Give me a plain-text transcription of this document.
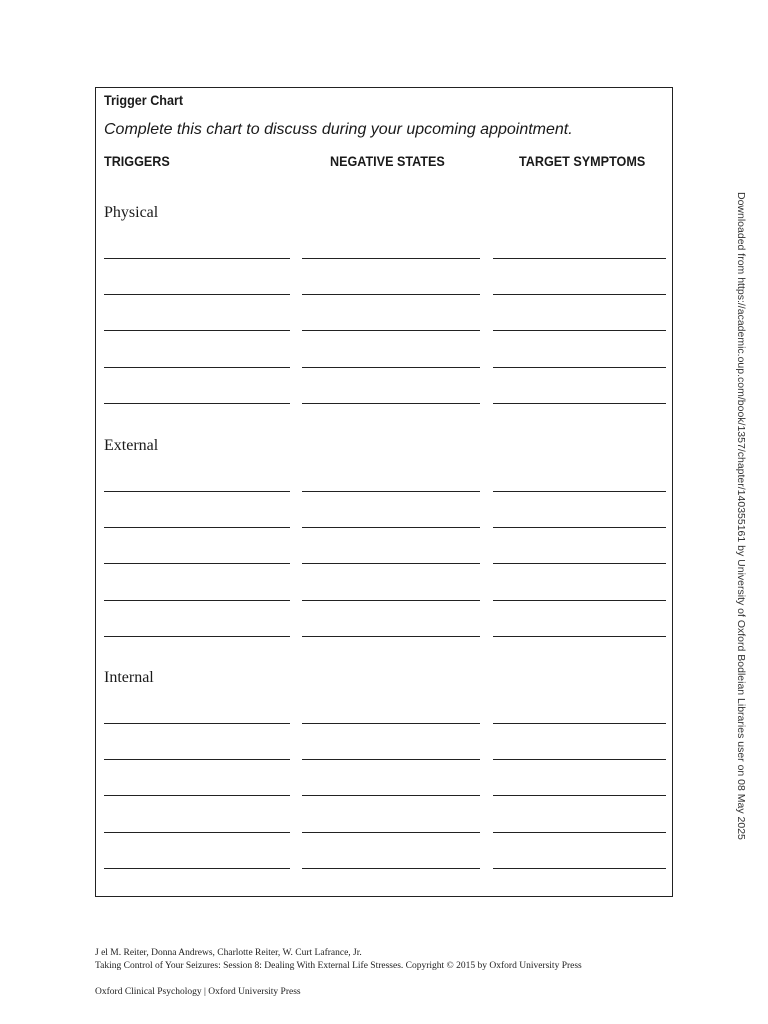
Trigger Chart
Complete this chart to discuss during your upcoming appointment.
TRIGGERS	NEGATIVE STATES	TARGET SYMPTOMS
Physical
External
Internal	Downloaded from https://academic.oup.com/book/1357/chapter/140355161 by University of Oxford Bodleian Libraries user on 08 May 2025
J el M. Reiter, Donna Andrews, Charlotte Reiter, W. Curt Lafrance, Jr.
Taking Control of Your Seizures: Session 8: Dealing With External Life Stresses. Copyright © 2015 by Oxford University Press
Oxford Clinical Psychology | Oxford University Press
